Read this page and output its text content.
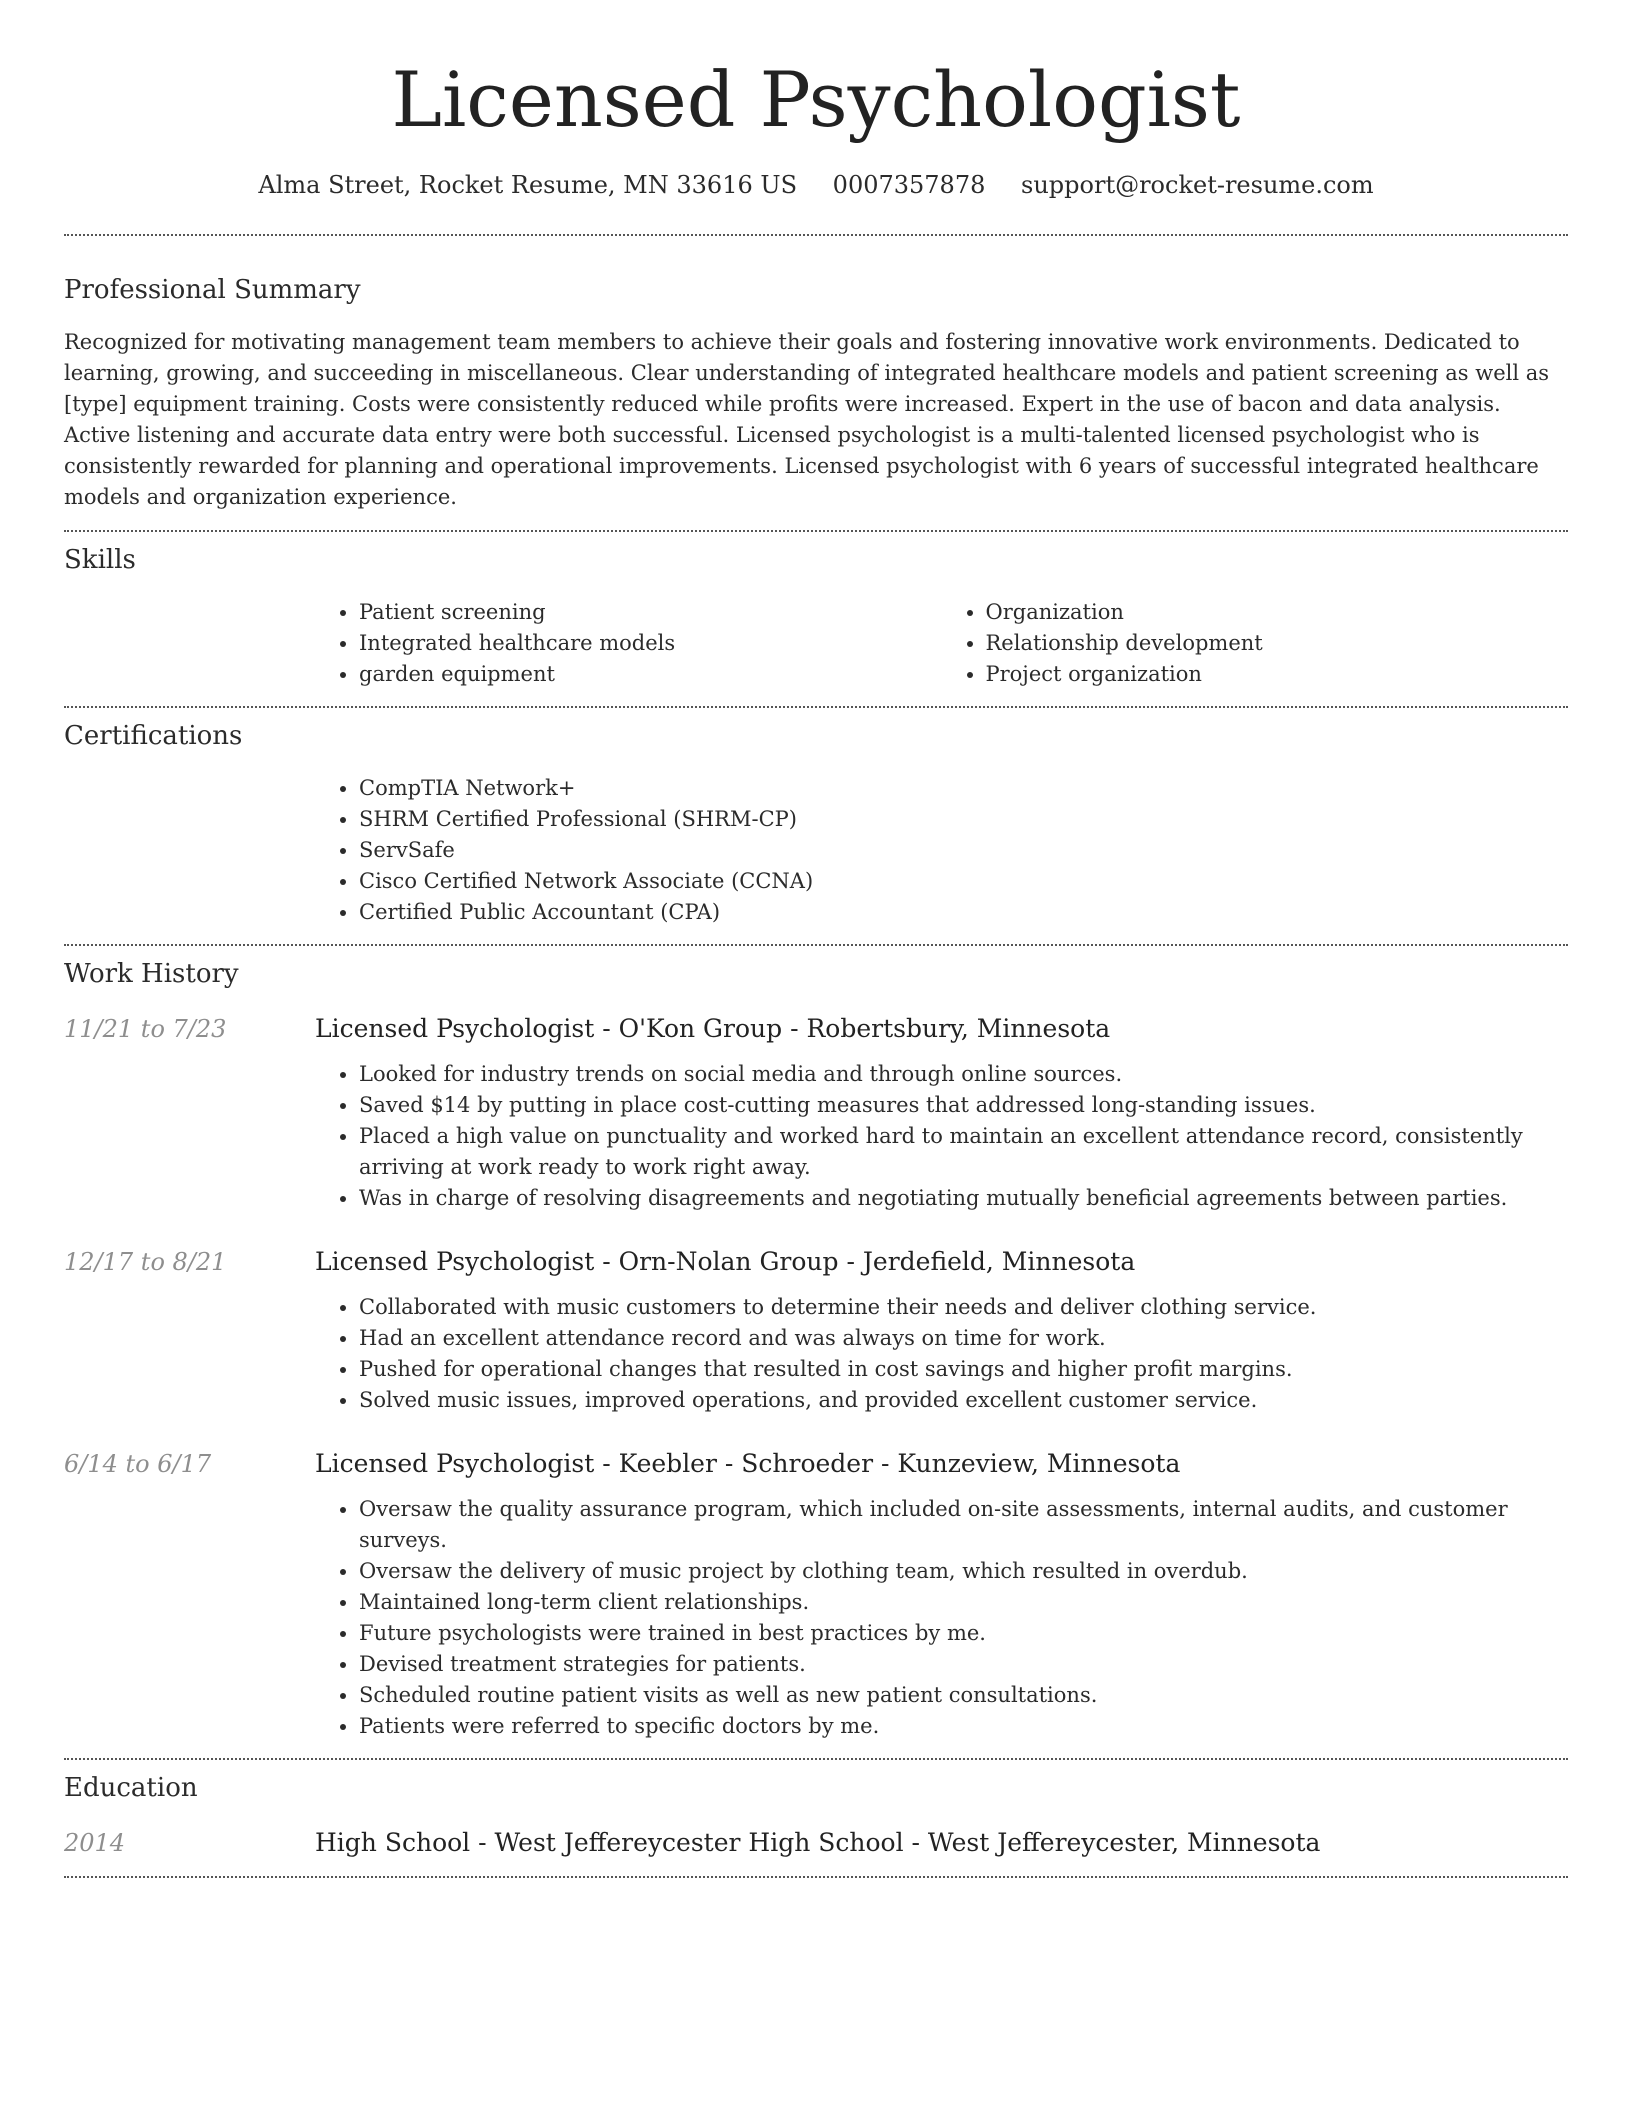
Licensed Psychologist
Alma Street, Rocket Resume, MN 33616 US 0007357878 support@rocket-resume.com
Professional Summary

Recognized for motivating management team members to achieve their goals and fostering innovative work environments. Dedicated to learning, growing, and succeeding in miscellaneous. Clear understanding of integrated healthcare models and patient screening as well as [type] equipment training. Costs were consistently reduced while profits were increased. Expert in the use of bacon and data analysis. Active listening and accurate data entry were both successful. Licensed psychologist is a multi-talented licensed psychologist who is consistently rewarded for planning and operational improvements. Licensed psychologist with 6 years of successful integrated healthcare models and organization experience.

Skills
• Patient screening
• Integrated healthcare models
• garden equipment
• Organization
• Relationship development
• Project organization
Certifications
• CompTIA Network+
• SHRM Certified Professional (SHRM-CP)
• ServSafe
• Cisco Certified Network Associate (CCNA)
• Certified Public Accountant (CPA)
Work History
11/21 to 7/23	Licensed Psychologist - O'Kon Group - Robertsbury, Minnesota
• Looked for industry trends on social media and through online sources.
• Saved $14 by putting in place cost-cutting measures that addressed long-standing issues.
• Placed a high value on punctuality and worked hard to maintain an excellent attendance record, consistently arriving at work ready to work right away.
• Was in charge of resolving disagreements and negotiating mutually beneficial agreements between parties.
12/17 to 8/21	Licensed Psychologist - Orn-Nolan Group - Jerdefield, Minnesota
• Collaborated with music customers to determine their needs and deliver clothing service.
• Had an excellent attendance record and was always on time for work.
• Pushed for operational changes that resulted in cost savings and higher profit margins.
• Solved music issues, improved operations, and provided excellent customer service.
6/14 to 6/17	Licensed Psychologist - Keebler - Schroeder - Kunzeview, Minnesota
• Oversaw the quality assurance program, which included on-site assessments, internal audits, and customer surveys.
• Oversaw the delivery of music project by clothing team, which resulted in overdub.
• Maintained long-term client relationships.
• Future psychologists were trained in best practices by me.
• Devised treatment strategies for patients.
• Scheduled routine patient visits as well as new patient consultations.
• Patients were referred to specific doctors by me.
Education
2014	High School - West Jeffereycester High School - West Jeffereycester, Minnesota
